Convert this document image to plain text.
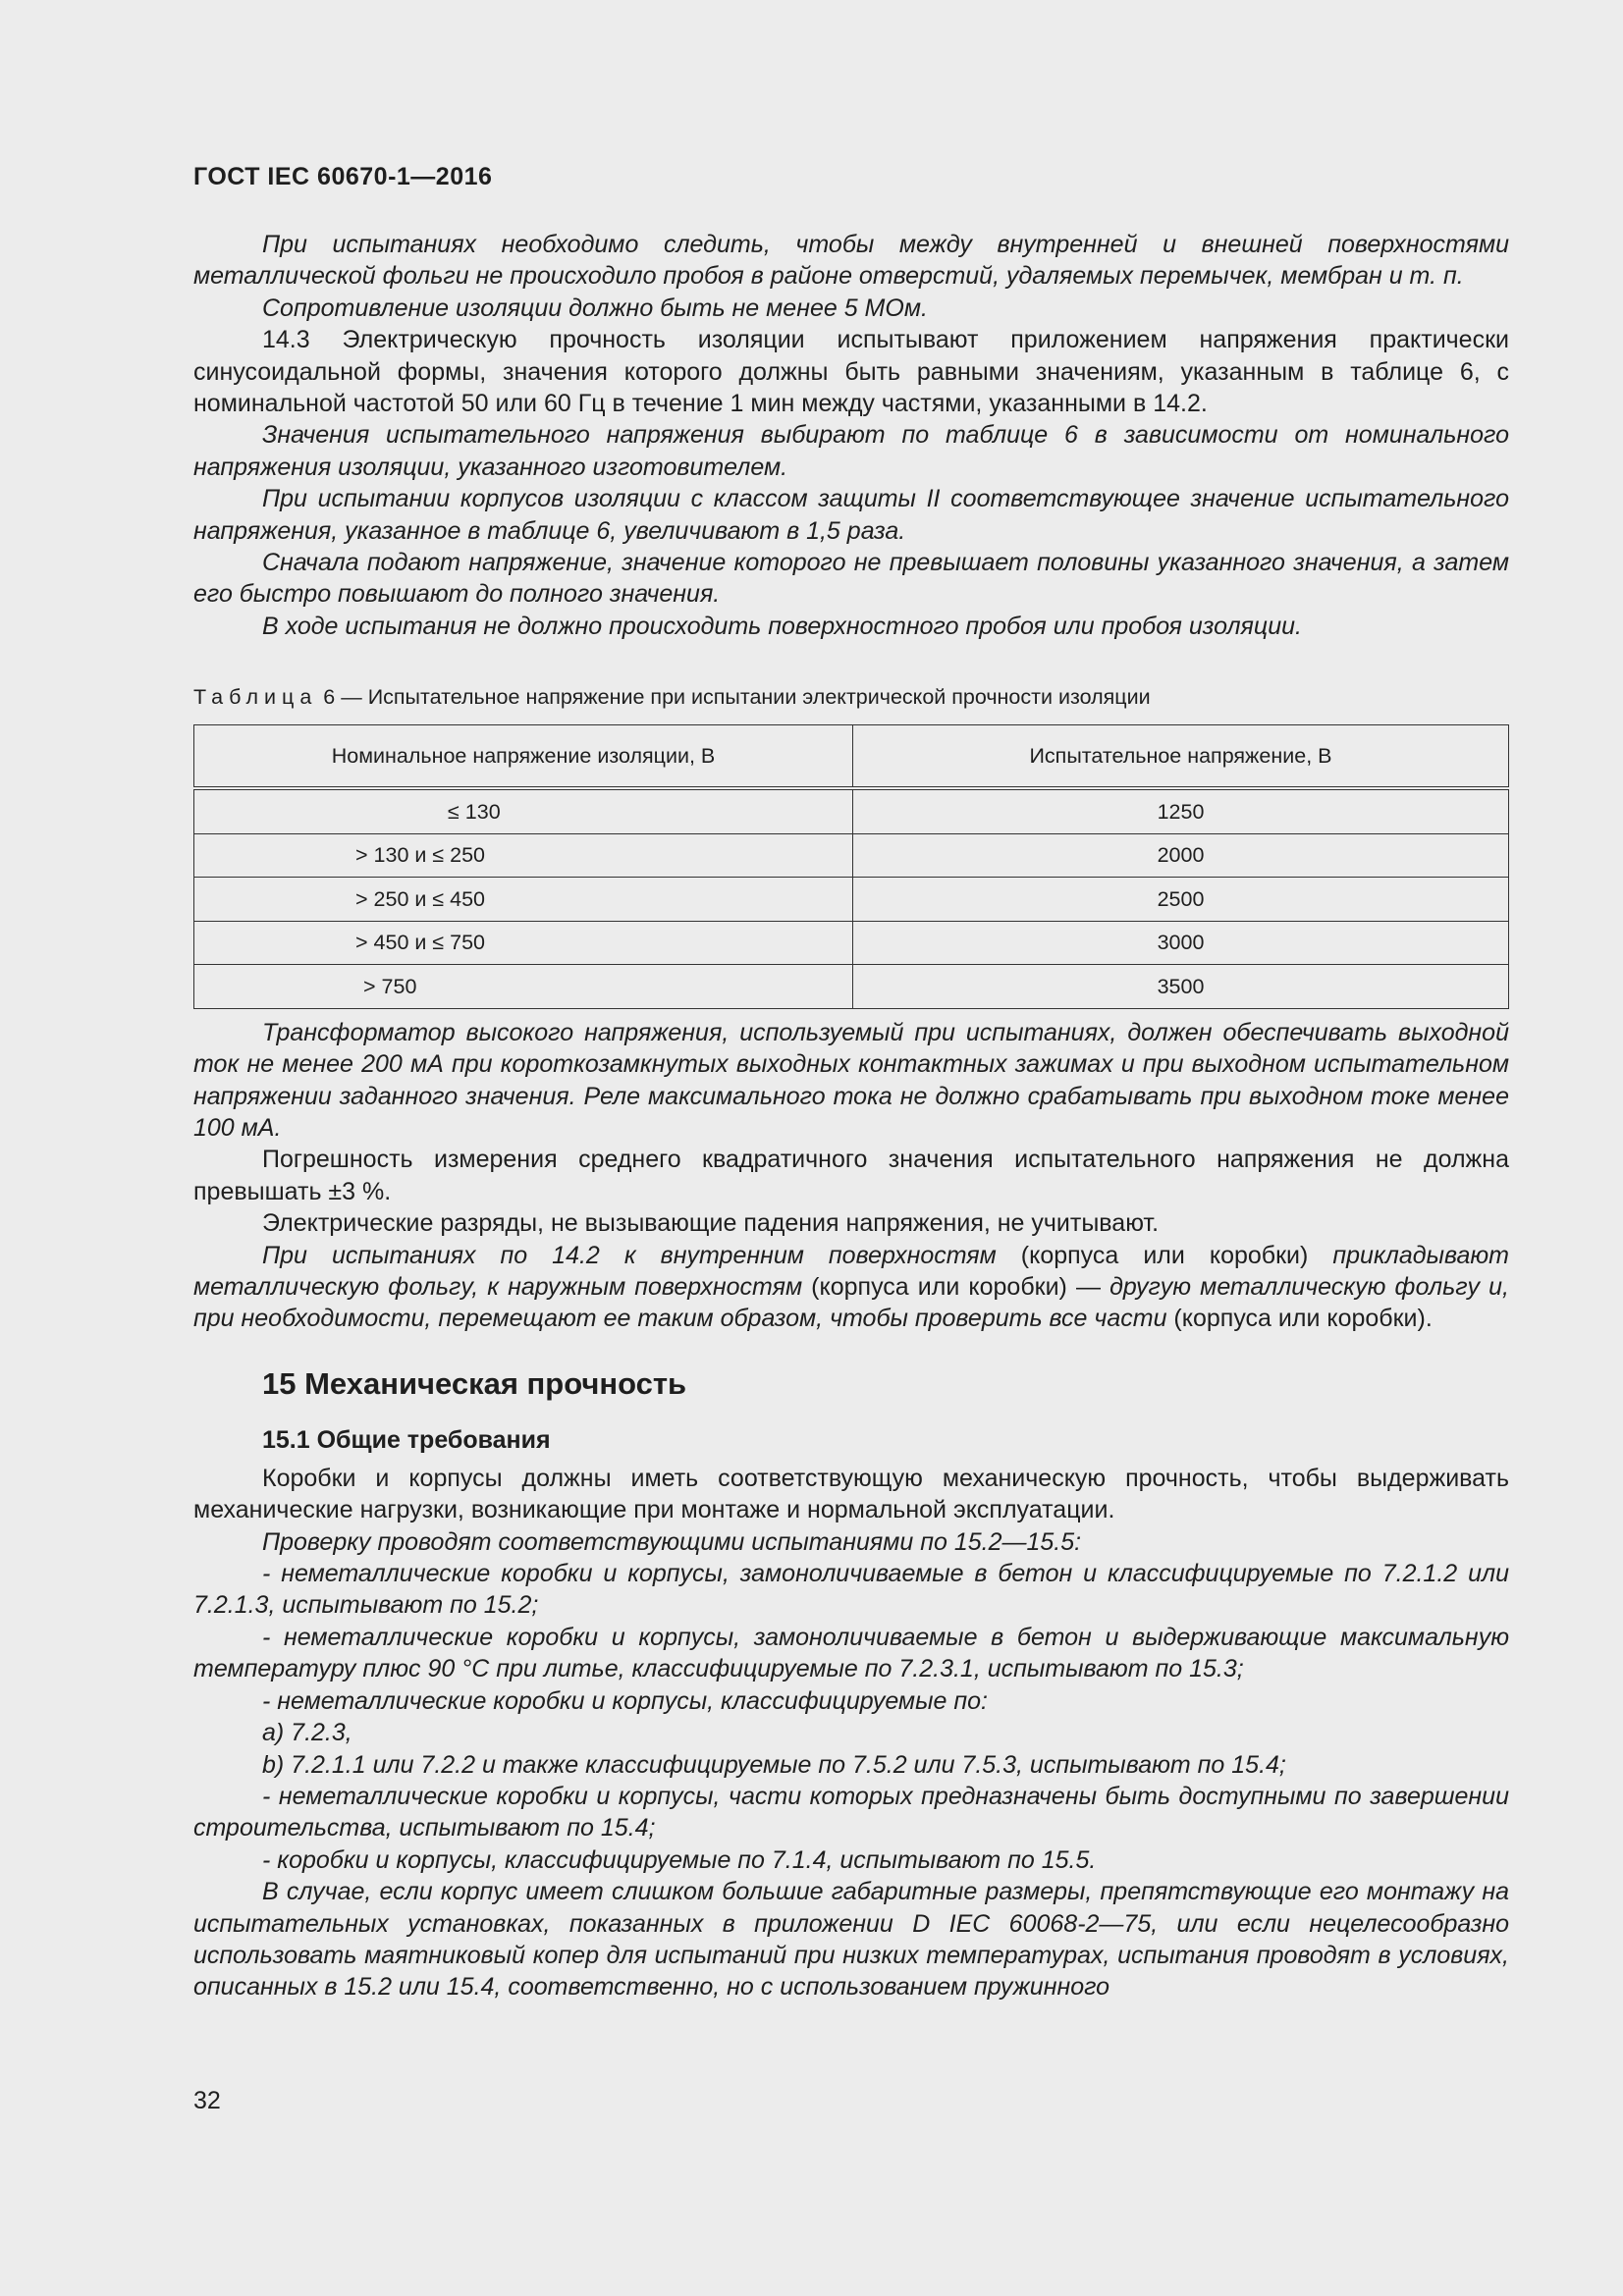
ГОСТ IEC 60670-1—2016

При испытаниях необходимо следить, чтобы между внутренней и внешней поверхностями металлической фольги не происходило пробоя в районе отверстий, удаляемых перемычек, мембран и т. п.

Сопротивление изоляции должно быть не менее 5 МОм.

14.3 Электрическую прочность изоляции испытывают приложением напряжения практически синусоидальной формы, значения которого должны быть равными значениям, указанным в таблице 6, с номинальной частотой 50 или 60 Гц в течение 1 мин между частями, указанными в 14.2.

Значения испытательного напряжения выбирают по таблице 6 в зависимости от номинального напряжения изоляции, указанного изготовителем.

При испытании корпусов изоляции с классом защиты II соответствующее значение испытательного напряжения, указанное в таблице 6, увеличивают в 1,5 раза.

Сначала подают напряжение, значение которого не превышает половины указанного значения, а затем его быстро повышают до полного значения.

В ходе испытания не должно происходить поверхностного пробоя или пробоя изоляции.

Таблица 6 — Испытательное напряжение при испытании электрической прочности изоляции
Номинальное напряжение изоляции, В	Испытательное напряжение, В
≤ 130	1250
> 130 и ≤ 250	2000
> 250 и ≤ 450	2500
> 450 и ≤ 750	3000
> 750	3500

Трансформатор высокого напряжения, используемый при испытаниях, должен обеспечивать выходной ток не менее 200 мА при короткозамкнутых выходных контактных зажимах и при выходном испытательном напряжении заданного значения. Реле максимального тока не должно срабатывать при выходном токе менее 100 мА.

Погрешность измерения среднего квадратичного значения испытательного напряжения не должна превышать ±3 %.

Электрические разряды, не вызывающие падения напряжения, не учитывают.

При испытаниях по 14.2 к внутренним поверхностям (корпуса или коробки) прикладывают металлическую фольгу, к наружным поверхностям (корпуса или коробки) — другую металлическую фольгу и, при необходимости, перемещают ее таким образом, чтобы проверить все части (корпуса или коробки).

15 Механическая прочность
15.1 Общие требования

Коробки и корпусы должны иметь соответствующую механическую прочность, чтобы выдерживать механические нагрузки, возникающие при монтаже и нормальной эксплуатации.

Проверку проводят соответствующими испытаниями по 15.2—15.5:

- неметаллические коробки и корпусы, замоноличиваемые в бетон и классифицируемые по 7.2.1.2 или 7.2.1.3, испытывают по 15.2;

- неметаллические коробки и корпусы, замоноличиваемые в бетон и выдерживающие максимальную температуру плюс 90 °С при литье, классифицируемые по 7.2.3.1, испытывают по 15.3;

- неметаллические коробки и корпусы, классифицируемые по:

a) 7.2.3,

b) 7.2.1.1 или 7.2.2 и также классифицируемые по 7.5.2 или 7.5.3, испытывают по 15.4;

- неметаллические коробки и корпусы, части которых предназначены быть доступными по завершении строительства, испытывают по 15.4;

- коробки и корпусы, классифицируемые по 7.1.4, испытывают по 15.5.

В случае, если корпус имеет слишком большие габаритные размеры, препятствующие его монтажу на испытательных установках, показанных в приложении D IEC 60068-2—75, или если нецелесообразно использовать маятниковый копер для испытаний при низких температурах, испытания проводят в условиях, описанных в 15.2 или 15.4, соответственно, но с использованием пружинного

32
